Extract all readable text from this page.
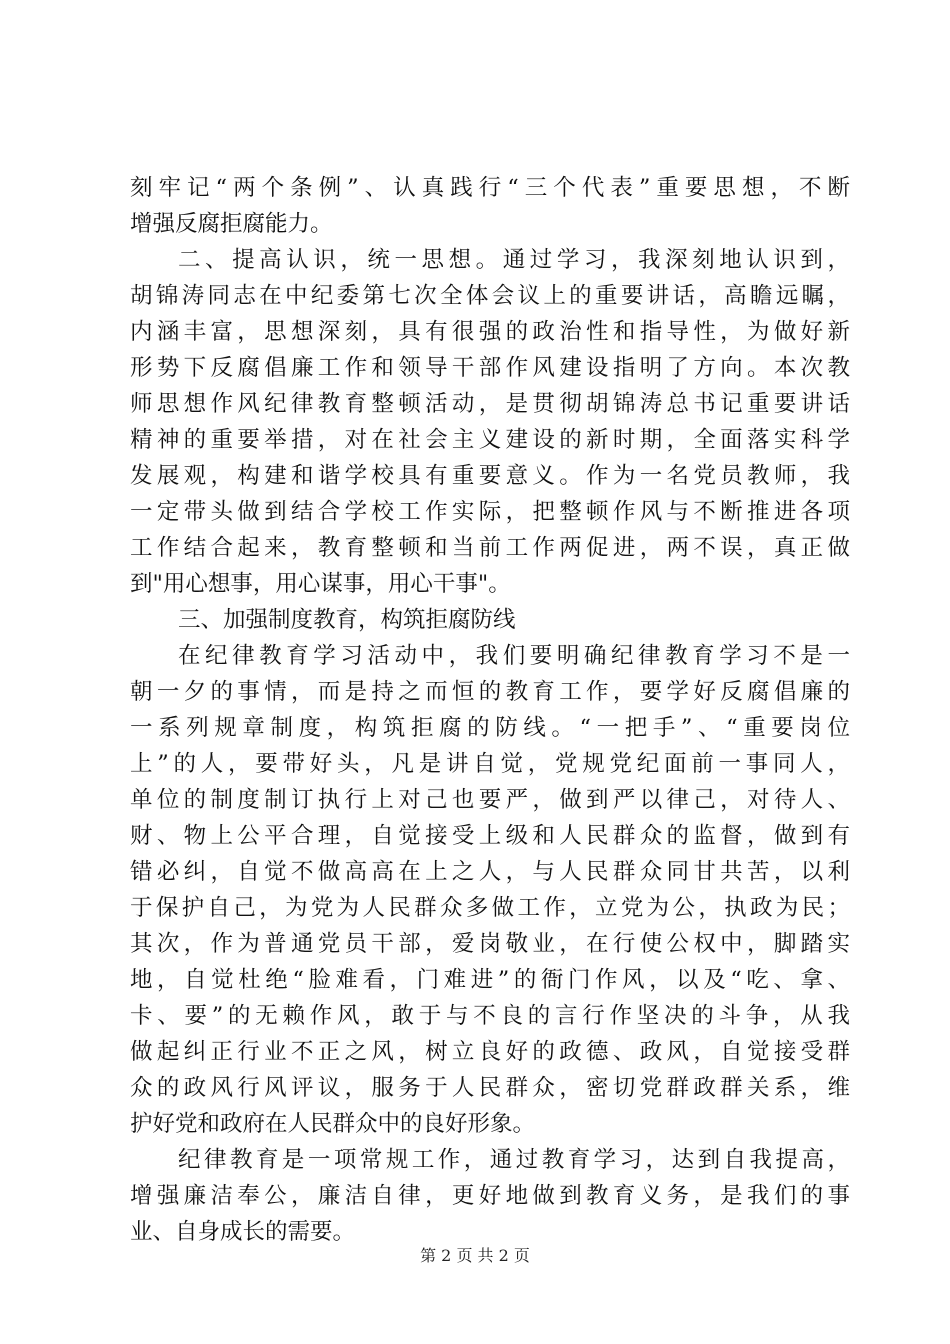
刻牢记“两个条例”、认真践行“三个代表”重要思想，不断
增强反腐拒腐能力。
二、提高认识，统一思想。通过学习，我深刻地认识到，
胡锦涛同志在中纪委第七次全体会议上的重要讲话，高瞻远瞩，
内涵丰富，思想深刻，具有很强的政治性和指导性，为做好新
形势下反腐倡廉工作和领导干部作风建设指明了方向。本次教
师思想作风纪律教育整顿活动，是贯彻胡锦涛总书记重要讲话
精神的重要举措，对在社会主义建设的新时期，全面落实科学
发展观，构建和谐学校具有重要意义。作为一名党员教师，我
一定带头做到结合学校工作实际，把整顿作风与不断推进各项
工作结合起来，教育整顿和当前工作两促进，两不误，真正做
到"用心想事，用心谋事，用心干事"。
三、加强制度教育，构筑拒腐防线
在纪律教育学习活动中，我们要明确纪律教育学习不是一
朝一夕的事情，而是持之而恒的教育工作，要学好反腐倡廉的
一系列规章制度，构筑拒腐的防线。“一把手”、“重要岗位
上”的人，要带好头，凡是讲自觉，党规党纪面前一事同人，
单位的制度制订执行上对己也要严，做到严以律己，对待人、
财、物上公平合理，自觉接受上级和人民群众的监督，做到有
错必纠，自觉不做高高在上之人，与人民群众同甘共苦，以利
于保护自己，为党为人民群众多做工作，立党为公，执政为民；
其次，作为普通党员干部，爱岗敬业，在行使公权中，脚踏实
地，自觉杜绝“脸难看，门难进”的衙门作风，以及“吃、拿、
卡、要”的无赖作风，敢于与不良的言行作坚决的斗争，从我
做起纠正行业不正之风，树立良好的政德、政风，自觉接受群
众的政风行风评议，服务于人民群众，密切党群政群关系，维
护好党和政府在人民群众中的良好形象。
纪律教育是一项常规工作，通过教育学习，达到自我提高，
增强廉洁奉公，廉洁自律，更好地做到教育义务，是我们的事
业、自身成长的需要。
第 2 页 共 2 页
